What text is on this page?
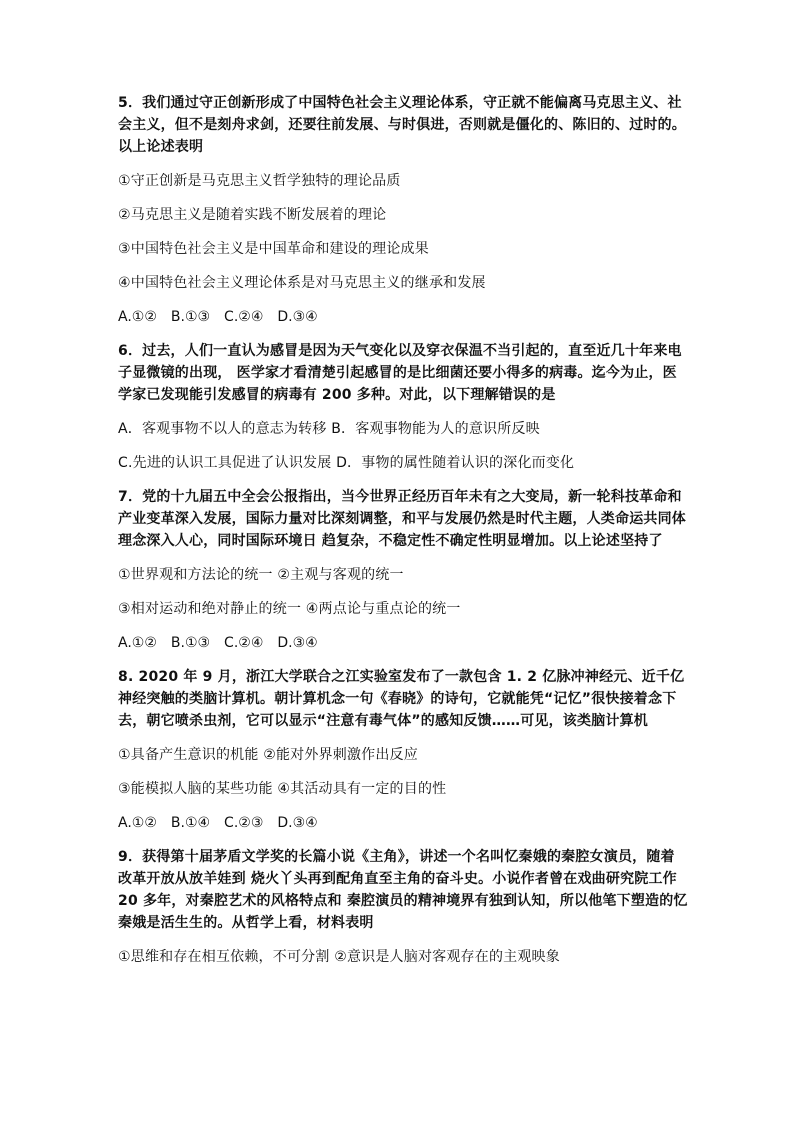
5．我们通过守正创新形成了中国特色社会主义理论体系，守正就不能偏离马克思主义、社会主义，但不是刻舟求剑，还要往前发展、与时俱进，否则就是僵化的、陈旧的、过时的。以上论述表明

①守正创新是马克思主义哲学独特的理论品质

②马克思主义是随着实践不断发展着的理论

③中国特色社会主义是中国革命和建设的理论成果

④中国特色社会主义理论体系是对马克思主义的继承和发展

A.①② B.①③ C.②④ D.③④

6．过去，人们一直认为感冒是因为天气变化以及穿衣保温不当引起的，直至近几十年来电子显微镜的出现， 医学家才看清楚引起感冒的是比细菌还要小得多的病毒。迄今为止，医学家已发现能引发感冒的病毒有 200 多种。对此，以下理解错误的是

A．客观事物不以人的意志为转移 B．客观事物能为人的意识所反映

C.先进的认识工具促进了认识发展 D．事物的属性随着认识的深化而变化

7．党的十九届五中全会公报指出，当今世界正经历百年未有之大变局，新一轮科技革命和产业变革深入发展，国际力量对比深刻调整，和平与发展仍然是时代主题，人类命运共同体理念深入人心，同时国际环境日 趋复杂，不稳定性不确定性明显增加。以上论述坚持了

①世界观和方法论的统一 ②主观与客观的统一

③相对运动和绝对静止的统一 ④两点论与重点论的统一

A.①② B.①③ C.②④ D.③④

8. 2020 年 9 月，浙江大学联合之江实验室发布了一款包含 1. 2 亿脉冲神经元、近千亿神经突触的类脑计算机。朝计算机念一句《春晓》的诗句，它就能凭“记忆”很快接着念下去，朝它喷杀虫剂，它可以显示“注意有毒气体”的感知反馈……可见，该类脑计算机

①具备产生意识的机能 ②能对外界刺激作出反应

③能模拟人脑的某些功能 ④其活动具有一定的目的性

A.①② B.①④ C.②③ D.③④

9．获得第十届茅盾文学奖的长篇小说《主角》，讲述一个名叫忆秦娥的秦腔女演员，随着改革开放从放羊娃到 烧火丫头再到配角直至主角的奋斗史。小说作者曾在戏曲研究院工作 20 多年，对秦腔艺术的风格特点和 秦腔演员的精神境界有独到认知，所以他笔下塑造的忆秦娥是活生生的。从哲学上看，材料表明

①思维和存在相互依赖，不可分割 ②意识是人脑对客观存在的主观映象
